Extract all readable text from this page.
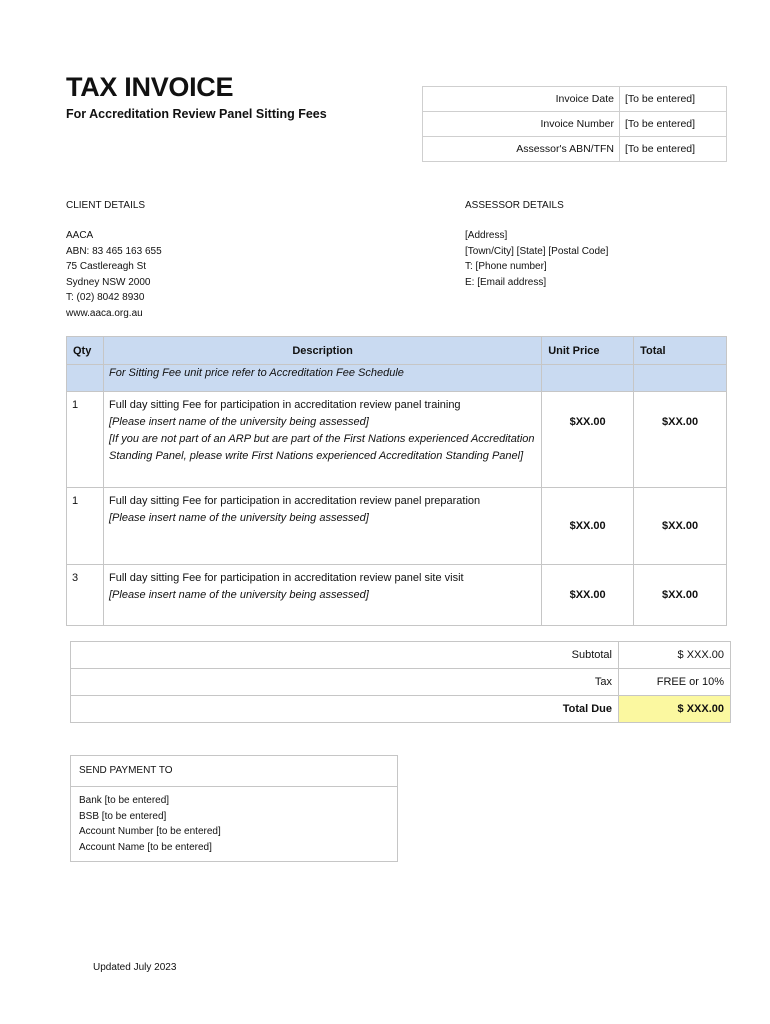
TAX INVOICE
For Accreditation Review Panel Sitting Fees
Invoice Date	[To be entered]
Invoice Number	[To be entered]
Assessor's ABN/TFN	[To be entered]
CLIENT DETAILS
AACA
ABN: 83 465 163 655
75 Castlereagh St
Sydney NSW 2000
T: (02) 8042 8930
www.aaca.org.au
ASSESSOR DETAILS
[Address]
[Town/City] [State] [Postal Code]
T: [Phone number]
E: [Email address]
Qty	Description	Unit Price	Total
	For Sitting Fee unit price refer to Accreditation Fee Schedule		
1	Full day sitting Fee for participation in accreditation review panel training
[Please insert name of the university being assessed]
[If you are not part of an ARP but are part of the First Nations experienced Accreditation Standing Panel, please write First Nations experienced Accreditation Standing Panel]	$XX.00	$XX.00
1	Full day sitting Fee for participation in accreditation review panel preparation
[Please insert name of the university being assessed]	$XX.00	$XX.00
3	Full day sitting Fee for participation in accreditation review panel site visit
[Please insert name of the university being assessed]	$XX.00	$XX.00
Subtotal	$ XXX.00
Tax	FREE or 10%
Total Due	$ XXX.00
SEND PAYMENT TO
Bank [to be entered]
BSB [to be entered]
Account Number [to be entered]
Account Name [to be entered]
Updated July 2023
